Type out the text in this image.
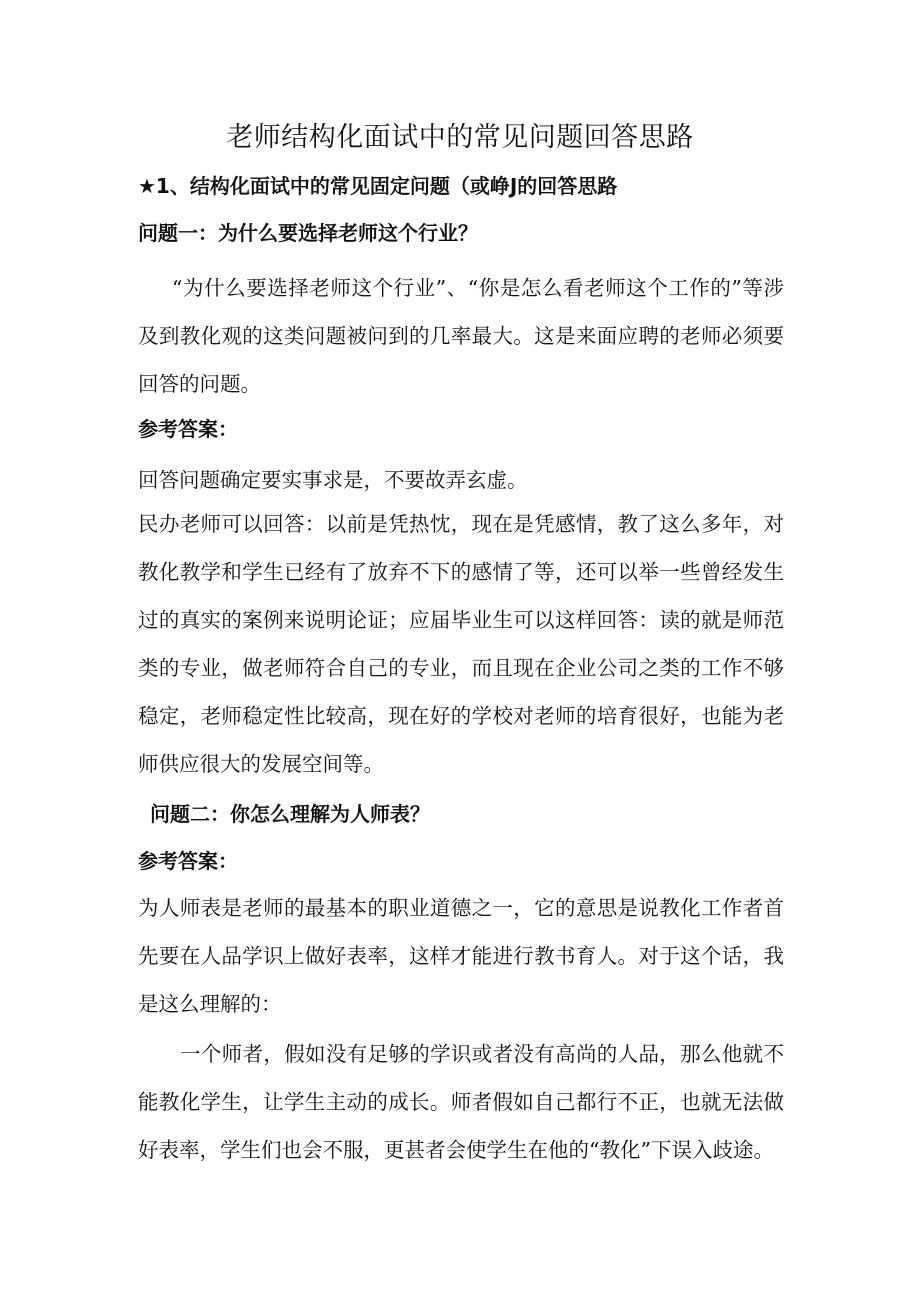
老师结构化面试中的常见问题回答思路
★1、结构化面试中的常见固定问题（或峥J的回答思路
问题一：为什么要选择老师这个行业？

“为什么要选择老师这个行业”、“你是怎么看老师这个工作的”等涉及到教化观的这类问题被问到的几率最大。这是来面应聘的老师必须要回答的问题。

参考答案：

回答问题确定要实事求是，不要故弄玄虚。

民办老师可以回答：以前是凭热忱，现在是凭感情，教了这么多年，对教化教学和学生已经有了放弃不下的感情了等，还可以举一些曾经发生过的真实的案例来说明论证；应届毕业生可以这样回答：读的就是师范类的专业，做老师符合自己的专业，而且现在企业公司之类的工作不够稳定，老师稳定性比较高，现在好的学校对老师的培育很好，也能为老师供应很大的发展空间等。

问题二：你怎么理解为人师表？
参考答案：

为人师表是老师的最基本的职业道德之一，它的意思是说教化工作者首先要在人品学识上做好表率，这样才能进行教书育人。对于这个话，我是这么理解的：

一个师者，假如没有足够的学识或者没有高尚的人品，那么他就不能教化学生，让学生主动的成长。师者假如自己都行不正，也就无法做好表率，学生们也会不服，更甚者会使学生在他的“教化”下误入歧途。
